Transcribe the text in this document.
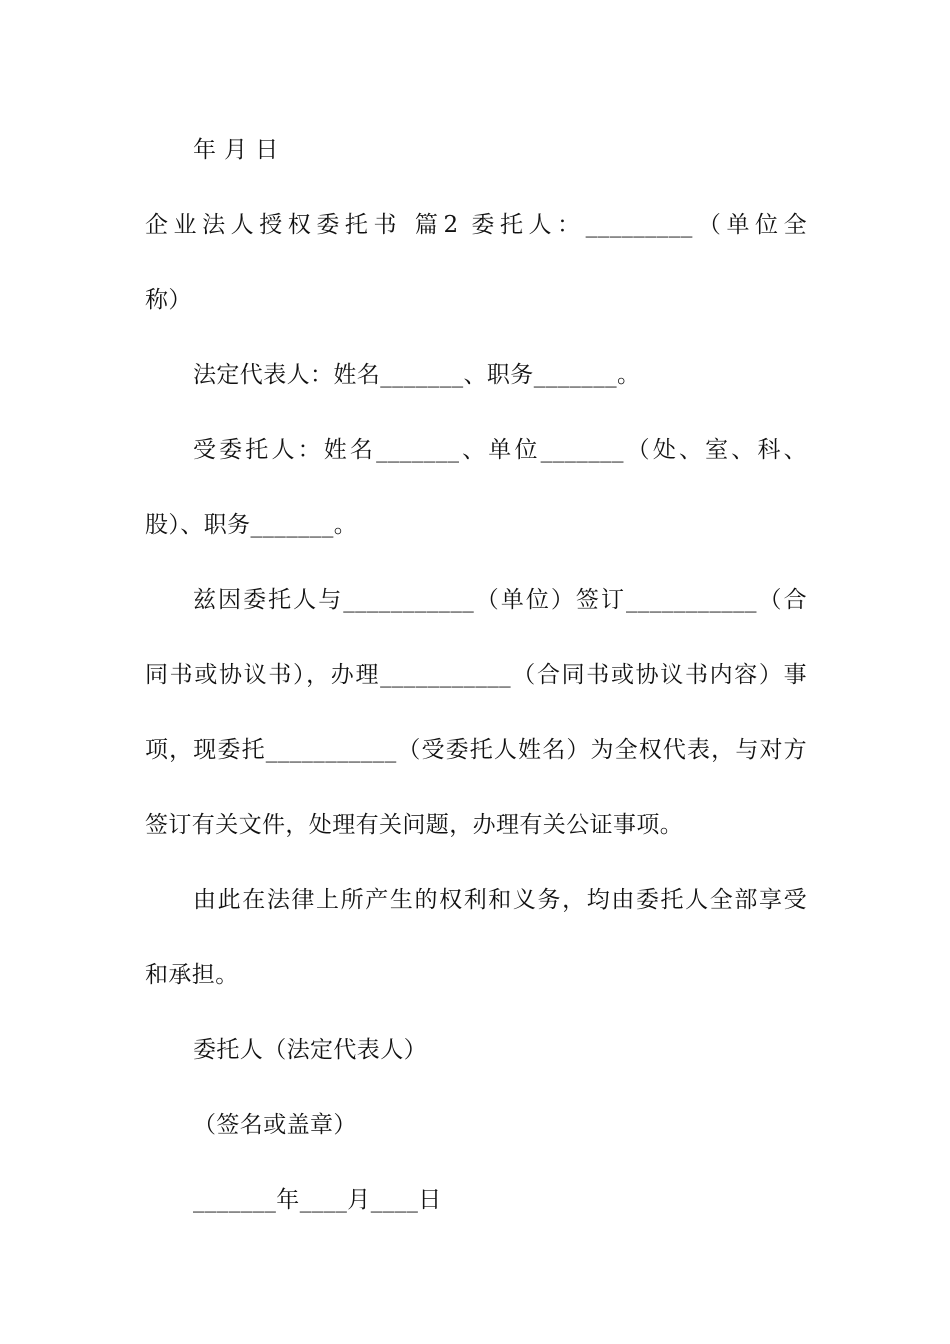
年 月 日
企业法人授权委托书 篇2 委托人：_________（单位全
称）
法定代表人：姓名_______、职务_______。
受委托人：姓名_______、单位_______（处、室、科、
股）、职务_______。
兹因委托人与___________（单位）签订___________（合
同书或协议书），办理___________（合同书或协议书内容）事
项，现委托___________（受委托人姓名）为全权代表，与对方
签订有关文件，处理有关问题，办理有关公证事项。
由此在法律上所产生的权利和义务，均由委托人全部享受
和承担。
委托人（法定代表人）
（签名或盖章）
_______年____月____日
